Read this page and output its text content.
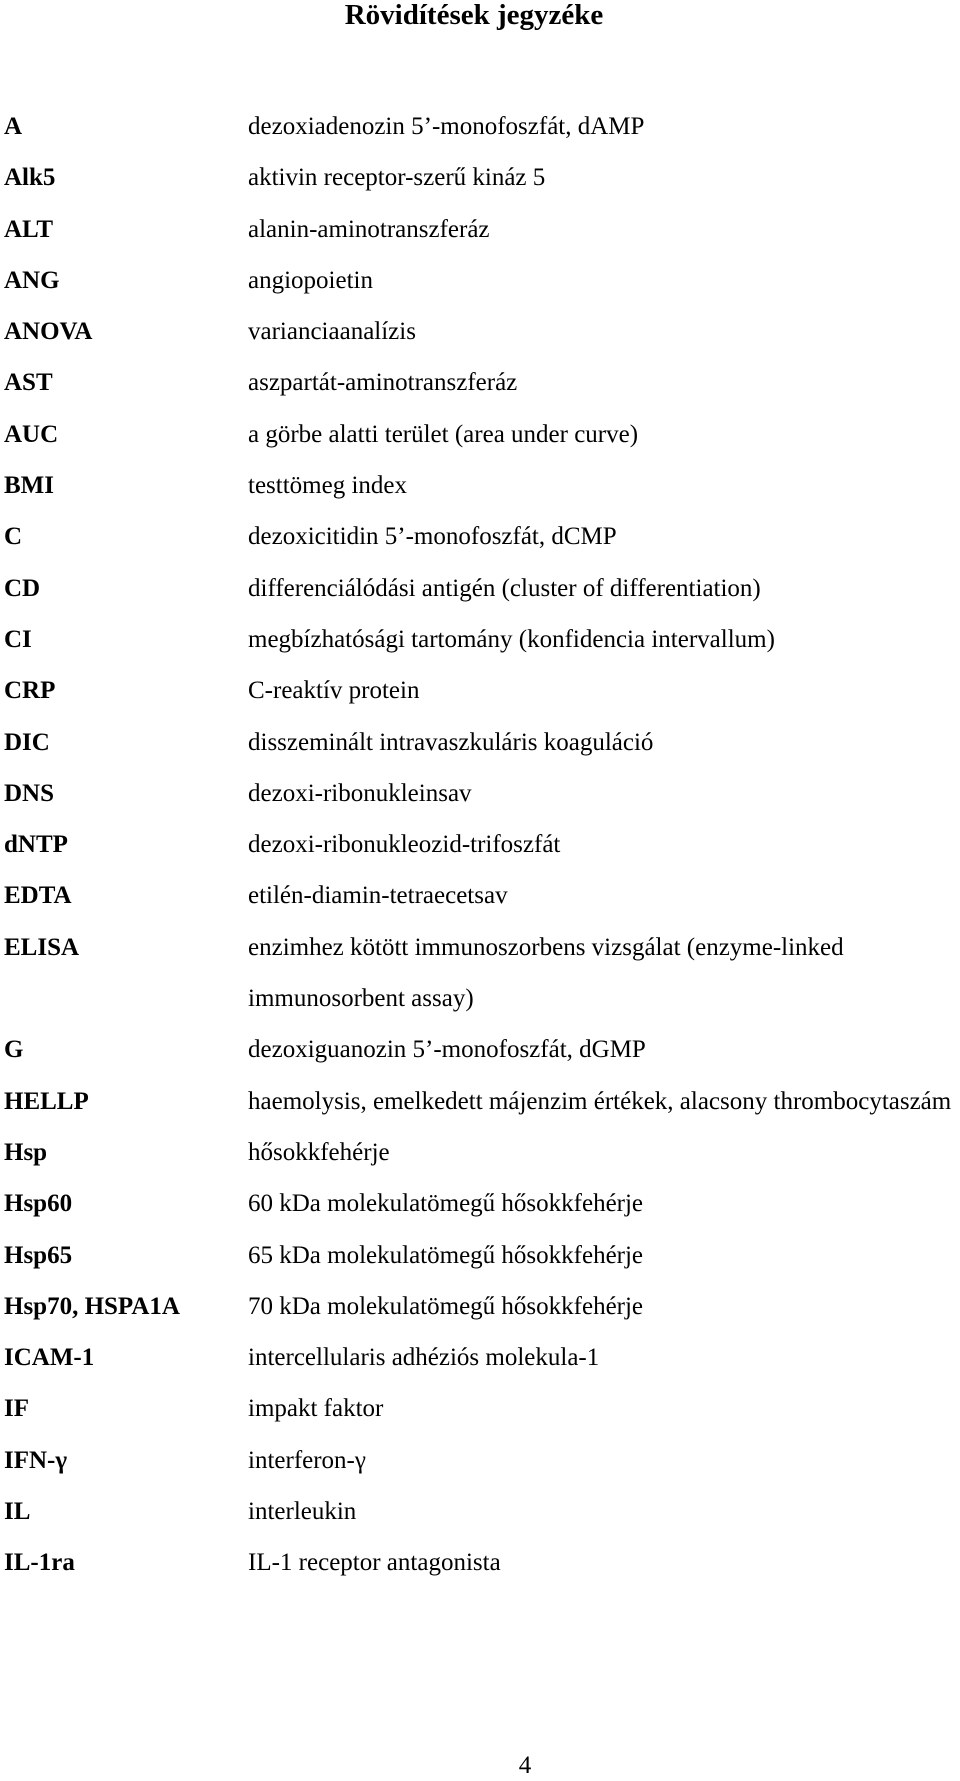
Rövidítések jegyzéke
A	dezoxiadenozin 5’-monofoszfát, dAMP
Alk5	aktivin receptor-szerű kináz 5
ALT	alanin-aminotranszferáz
ANG	angiopoietin
ANOVA	varianciaanalízis
AST	aszpartát-aminotranszferáz
AUC	a görbe alatti terület (area under curve)
BMI	testtömeg index
C	dezoxicitidin 5’-monofoszfát, dCMP
CD	differenciálódási antigén (cluster of differentiation)
CI	megbízhatósági tartomány (konfidencia intervallum)
CRP	C-reaktív protein
DIC	disszeminált intravaszkuláris koaguláció
DNS	dezoxi-ribonukleinsav
dNTP	dezoxi-ribonukleozid-trifoszfát
EDTA	etilén-diamin-tetraecetsav
ELISA	enzimhez kötött immunoszorbens vizsgálat (enzyme-linked immunosorbent assay)
G	dezoxiguanozin 5’-monofoszfát, dGMP
HELLP	haemolysis, emelkedett májenzim értékek, alacsony thrombocytaszám
Hsp	hősokkfehérje
Hsp60	60 kDa molekulatömegű hősokkfehérje
Hsp65	65 kDa molekulatömegű hősokkfehérje
Hsp70, HSPA1A	70 kDa molekulatömegű hősokkfehérje
ICAM-1	intercellularis adhéziós molekula-1
IF	impakt faktor
IFN-γ	interferon-γ
IL	interleukin
IL-1ra	IL-1 receptor antagonista
4
